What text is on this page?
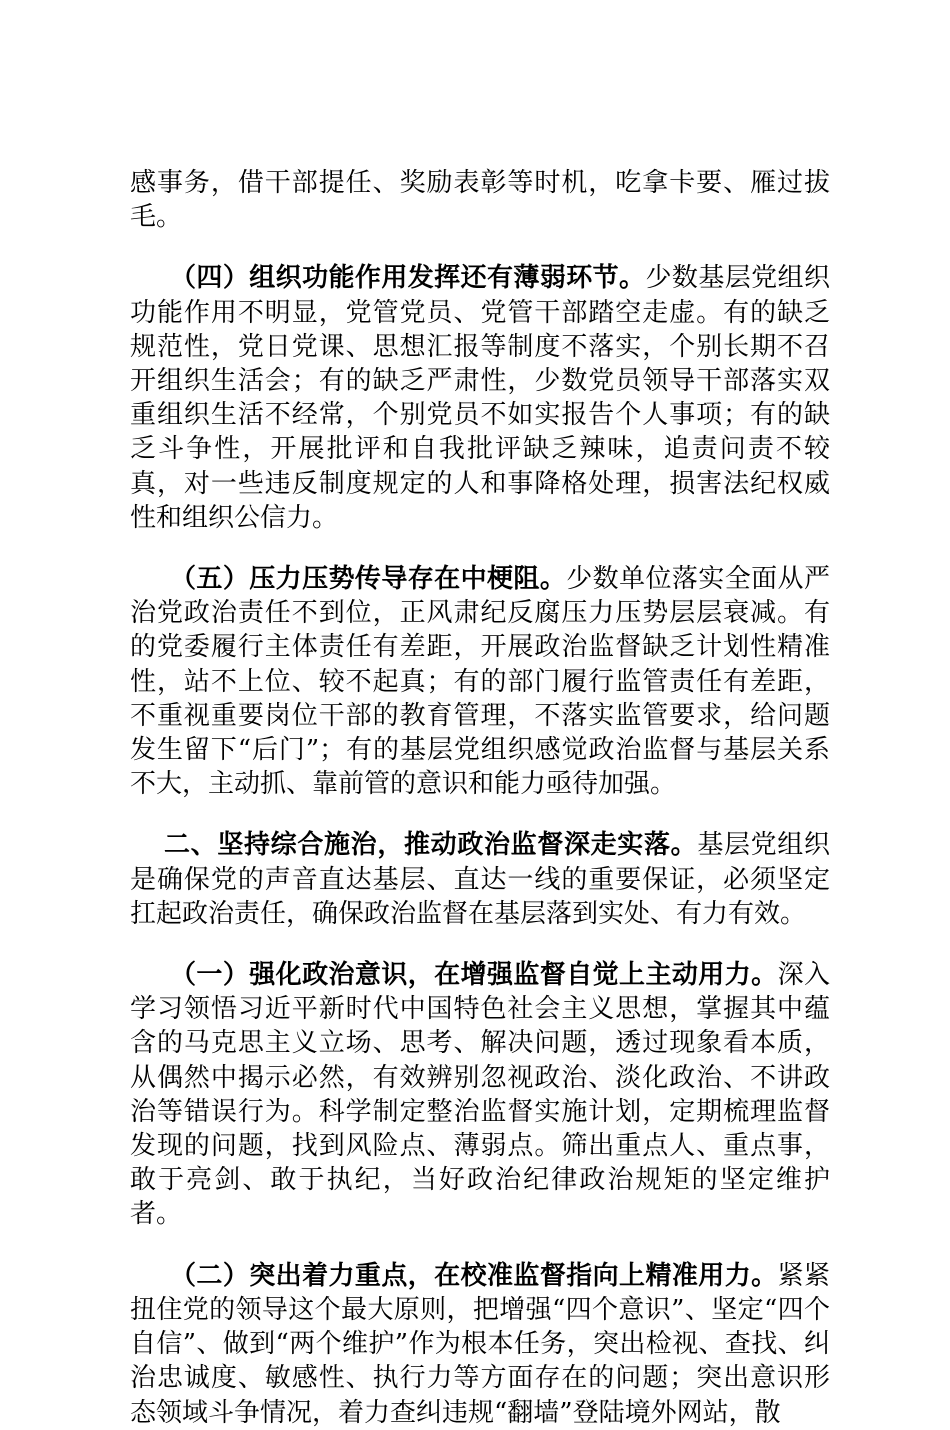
感事务，借干部提任、奖励表彰等时机，吃拿卡要、雁过拔毛。

（四）组织功能作用发挥还有薄弱环节。少数基层党组织功能作用不明显，党管党员、党管干部踏空走虚。有的缺乏规范性，党日党课、思想汇报等制度不落实，个别长期不召开组织生活会；有的缺乏严肃性，少数党员领导干部落实双重组织生活不经常，个别党员不如实报告个人事项；有的缺乏斗争性，开展批评和自我批评缺乏辣味，追责问责不较真，对一些违反制度规定的人和事降格处理，损害法纪权威性和组织公信力。

（五）压力压势传导存在中梗阻。少数单位落实全面从严治党政治责任不到位，正风肃纪反腐压力压势层层衰减。有的党委履行主体责任有差距，开展政治监督缺乏计划性精准性，站不上位、较不起真；有的部门履行监管责任有差距，不重视重要岗位干部的教育管理，不落实监管要求，给问题发生留下“后门”；有的基层党组织感觉政治监督与基层关系不大，主动抓、靠前管的意识和能力亟待加强。

二、坚持综合施治，推动政治监督深走实落。基层党组织是确保党的声音直达基层、直达一线的重要保证，必须坚定扛起政治责任，确保政治监督在基层落到实处、有力有效。

（一）强化政治意识，在增强监督自觉上主动用力。深入学习领悟习近平新时代中国特色社会主义思想，掌握其中蕴含的马克思主义立场、思考、解决问题，透过现象看本质，从偶然中揭示必然，有效辨别忽视政治、淡化政治、不讲政治等错误行为。科学制定整治监督实施计划，定期梳理监督发现的问题，找到风险点、薄弱点。筛出重点人、重点事，敢于亮剑、敢于执纪，当好政治纪律政治规矩的坚定维护者。

（二）突出着力重点，在校准监督指向上精准用力。紧紧扭住党的领导这个最大原则，把增强“四个意识”、坚定“四个自信”、做到“两个维护”作为根本任务，突出检视、查找、纠治忠诚度、敏感性、执行力等方面存在的问题；突出意识形态领域斗争情况，着力查纠违规“翻墙”登陆境外网站，散
